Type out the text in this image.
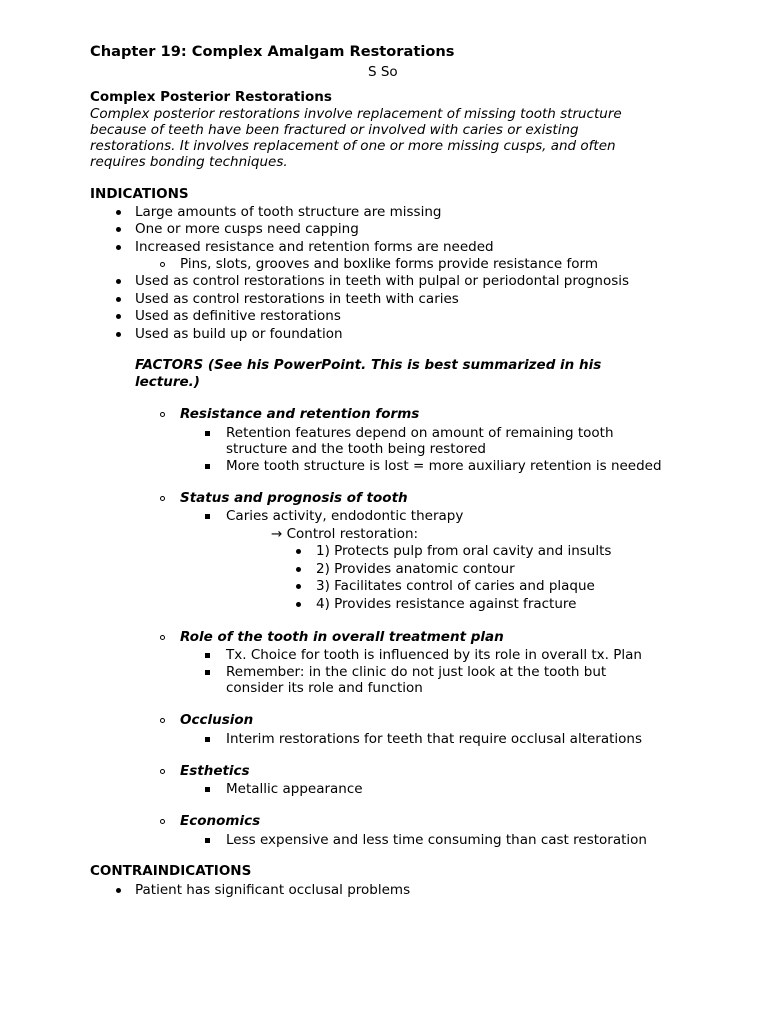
Chapter 19: Complex Amalgam Restorations
S So
Complex Posterior Restorations
Complex posterior restorations involve replacement of missing tooth structure
because of teeth have been fractured or involved with caries or existing
restorations. It involves replacement of one or more missing cusps, and often
requires bonding techniques.
INDICATIONS
Large amounts of tooth structure are missing
One or more cusps need capping
Increased resistance and retention forms are needed
Pins, slots, grooves and boxlike forms provide resistance form
Used as control restorations in teeth with pulpal or periodontal prognosis
Used as control restorations in teeth with caries
Used as definitive restorations
Used as build up or foundation
FACTORS (See his PowerPoint. This is best summarized in his
lecture.)
Resistance and retention forms
Retention features depend on amount of remaining tooth
structure and the tooth being restored
More tooth structure is lost = more auxiliary retention is needed
Status and prognosis of tooth
Caries activity, endodontic therapy
→ Control restoration:
1) Protects pulp from oral cavity and insults
2) Provides anatomic contour
3) Facilitates control of caries and plaque
4) Provides resistance against fracture
Role of the tooth in overall treatment plan
Tx. Choice for tooth is influenced by its role in overall tx. Plan
Remember: in the clinic do not just look at the tooth but
consider its role and function
Occlusion
Interim restorations for teeth that require occlusal alterations
Esthetics
Metallic appearance
Economics
Less expensive and less time consuming than cast restoration
CONTRAINDICATIONS
Patient has significant occlusal problems
